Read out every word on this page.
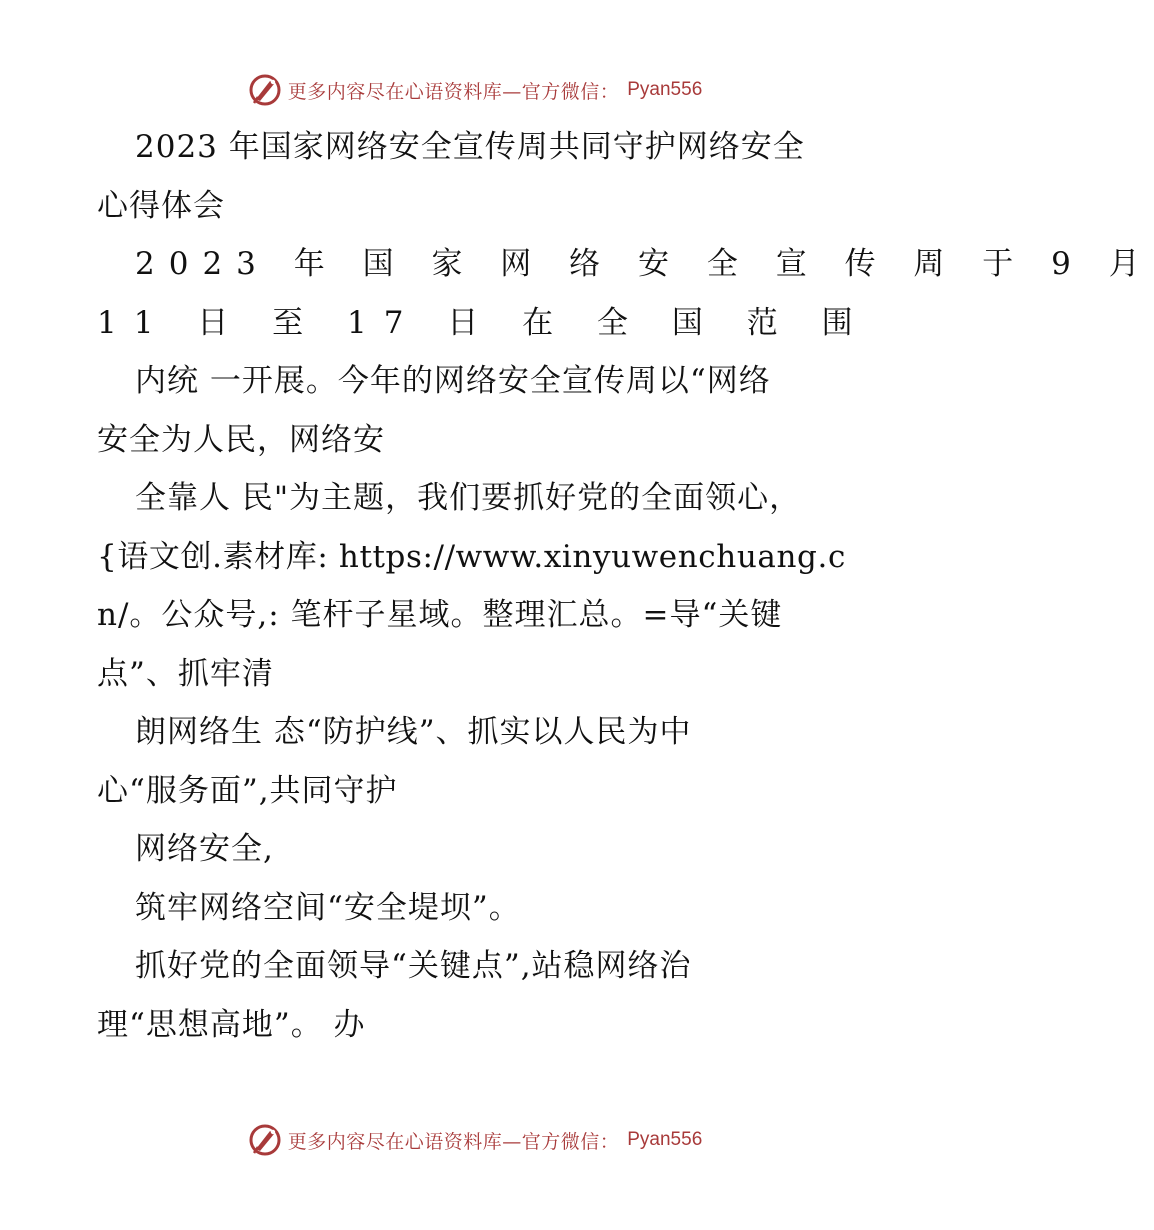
更多内容尽在心语资料库—官方微信： Pyan556

2023 年国家网络安全宣传周共同守护网络安全

心得体会

2023 年 国 家 网 络 安 全 宣 传 周 于 9 月

11 日 至 17 日 在 全 国 范 围

内统 一开展。今年的网络安全宣传周以“网络

安全为人民，网络安

全靠人 民"为主题，我们要抓好党的全面领心，

{语文创.素材库: https://www.xinyuwenchuang.c

n/。公众号,: 笔杆子星域。整理汇总。=导“关键

点”、抓牢清

朗网络生 态“防护线”、抓实以人民为中

心“服务面”,共同守护

网络安全,

筑牢网络空间“安全堤坝”。

抓好党的全面领导“关键点”,站稳网络治

理“思想高地”。 办

更多内容尽在心语资料库—官方微信： Pyan556
